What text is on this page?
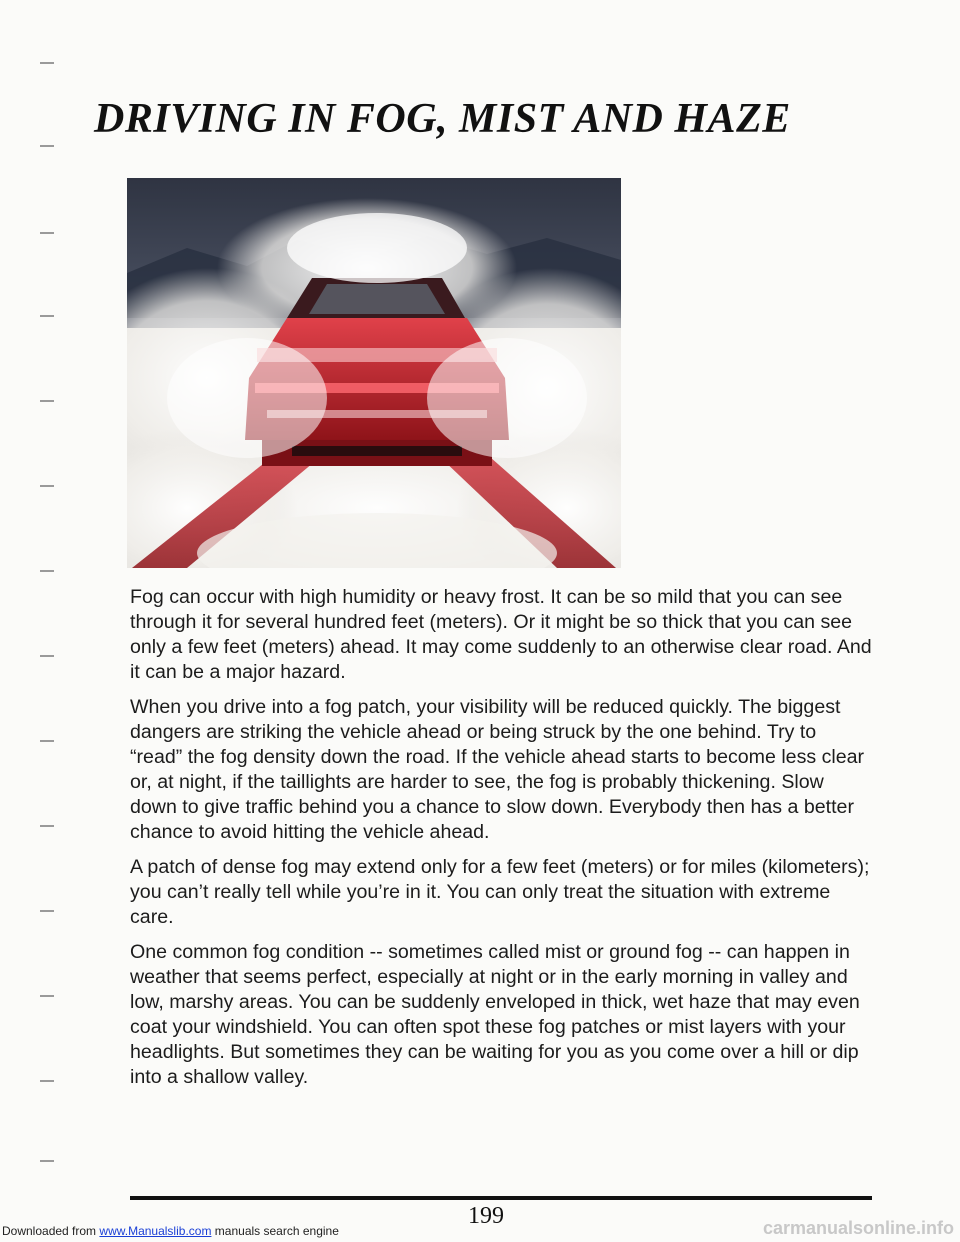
DRIVING IN FOG, MIST AND HAZE

Fog can occur with high humidity or heavy frost. It can be so mild that you can see through it for several hundred feet (meters). Or it might be so thick that you can see only a few feet (meters) ahead. It may come suddenly to an otherwise clear road. And it can be a major hazard.

When you drive into a fog patch, your visibility will be reduced quickly. The biggest dangers are striking the vehicle ahead or being struck by the one behind. Try to “read” the fog density down the road. If the vehicle ahead starts to become less clear or, at night, if the taillights are harder to see, the fog is probably thickening. Slow down to give traffic behind you a chance to slow down. Everybody then has a better chance to avoid hitting the vehicle ahead.

A patch of dense fog may extend only for a few feet (meters) or for miles (kilometers); you can’t really tell while you’re in it. You can only treat the situation with extreme care.

One common fog condition -- sometimes called mist or ground fog -- can happen in weather that seems perfect, especially at night or in the early morning in valley and low, marshy areas. You can be suddenly enveloped in thick, wet haze that may even coat your windshield. You can often spot these fog patches or mist layers with your headlights. But sometimes they can be waiting for you as you come over a hill or dip into a shallow valley.

199
Downloaded from www.Manualslib.com manuals search engine	carmanualsonline.info
